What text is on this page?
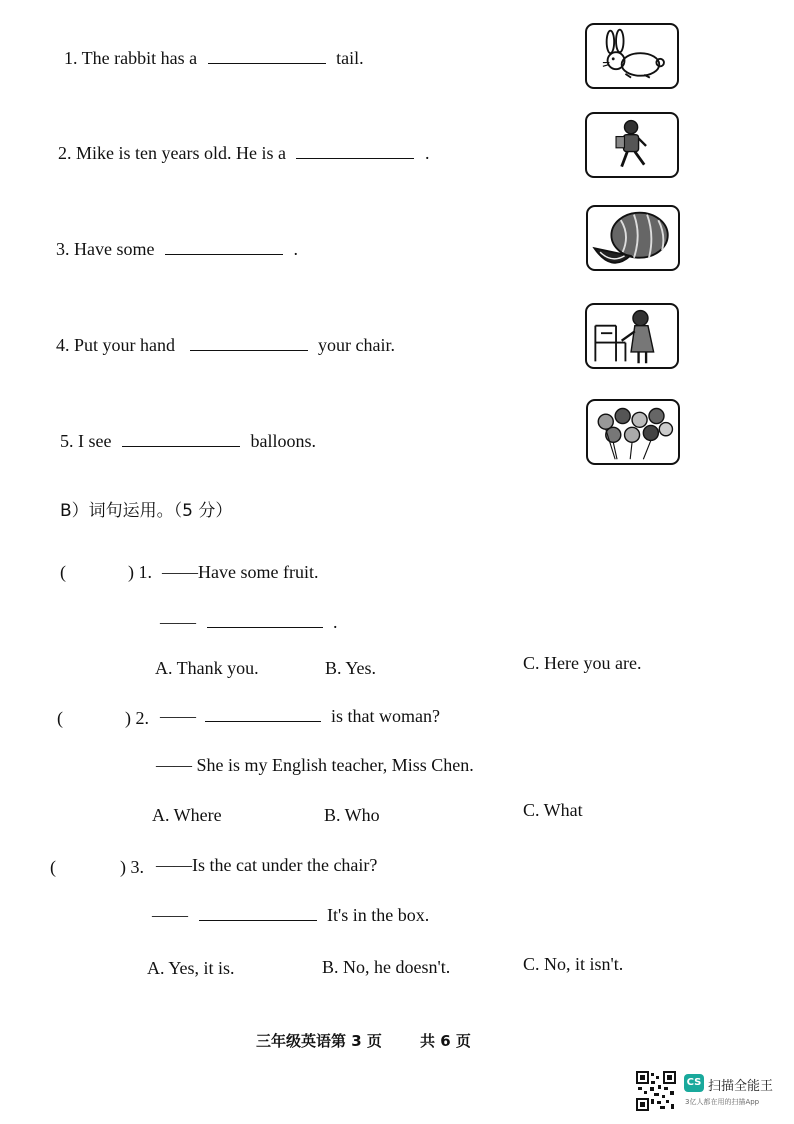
1. The rabbit has a	tail.
2. Mike is ten years old. He is a	.
3. Have some	.
4. Put your hand	your chair.
5. I see	balloons.
B）词句运用。（5 分）
(	) 1. ——Have some fruit.
——	.
A. Thank you.	B. Yes.	C. Here you are.
(	) 2. ——	is that woman?
—— She is my English teacher, Miss Chen.
A. Where	B. Who	C. What
(	) 3. ——Is the cat under the chair?
——	It's in the box.
A. Yes, it is.	B. No, he doesn't.	C. No, it isn't.
三年级英语第 3 页	共 6 页
CS 扫描全能王
3亿人都在用的扫描App
